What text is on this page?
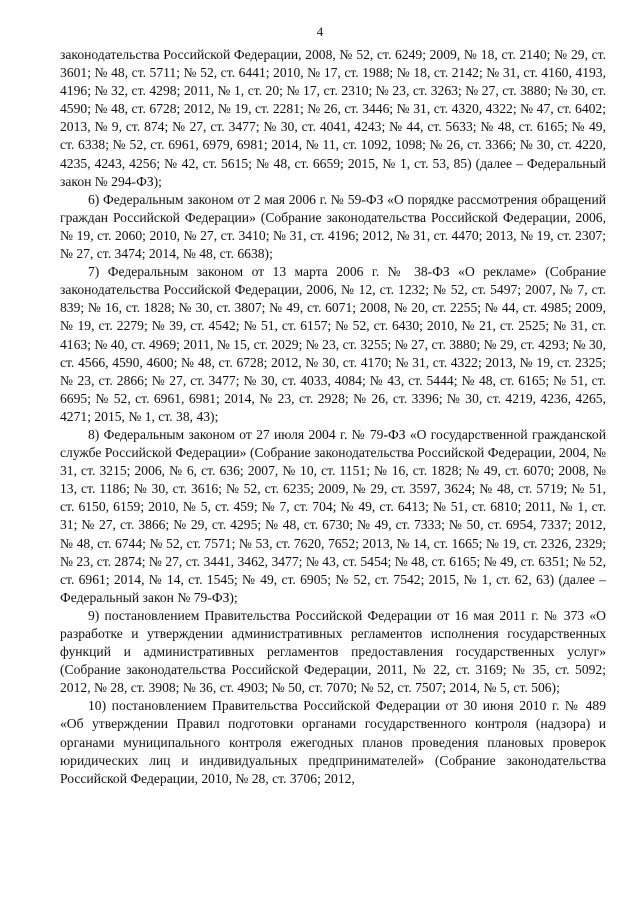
4

законодательства Российской Федерации, 2008, № 52, ст. 6249; 2009, № 18, ст. 2140; № 29, ст. 3601; № 48, ст. 5711; № 52, ст. 6441; 2010, № 17, ст. 1988; № 18, ст. 2142; № 31, ст. 4160, 4193, 4196; № 32, ст. 4298; 2011, № 1, ст. 20; № 17, ст. 2310; № 23, ст. 3263; № 27, ст. 3880; № 30, ст. 4590; № 48, ст. 6728; 2012, № 19, ст. 2281; № 26, ст. 3446; № 31, ст. 4320, 4322; № 47, ст. 6402; 2013, № 9, ст. 874; № 27, ст. 3477; № 30, ст. 4041, 4243; № 44, ст. 5633; № 48, ст. 6165; № 49, ст. 6338; № 52, ст. 6961, 6979, 6981; 2014, № 11, ст. 1092, 1098; № 26, ст. 3366; № 30, ст. 4220, 4235, 4243, 4256; № 42, ст. 5615; № 48, ст. 6659; 2015, № 1, ст. 53, 85) (далее – Федеральный закон № 294-ФЗ);

6) Федеральным законом от 2 мая 2006 г. № 59-ФЗ «О порядке рассмотрения обращений граждан Российской Федерации» (Собрание законодательства Российской Федерации, 2006, № 19, ст. 2060; 2010, № 27, ст. 3410; № 31, ст. 4196; 2012, № 31, ст. 4470; 2013, № 19, ст. 2307; № 27, ст. 3474; 2014, № 48, ст. 6638);

7) Федеральным законом от 13 марта 2006 г. № 38-ФЗ «О рекламе» (Собрание законодательства Российской Федерации, 2006, № 12, ст. 1232; № 52, ст. 5497; 2007, № 7, ст. 839; № 16, ст. 1828; № 30, ст. 3807; № 49, ст. 6071; 2008, № 20, ст. 2255; № 44, ст. 4985; 2009, № 19, ст. 2279; № 39, ст. 4542; № 51, ст. 6157; № 52, ст. 6430; 2010, № 21, ст. 2525; № 31, ст. 4163; № 40, ст. 4969; 2011, № 15, ст. 2029; № 23, ст. 3255; № 27, ст. 3880; № 29, ст. 4293; № 30, ст. 4566, 4590, 4600; № 48, ст. 6728; 2012, № 30, ст. 4170; № 31, ст. 4322; 2013, № 19, ст. 2325; № 23, ст. 2866; № 27, ст. 3477; № 30, ст. 4033, 4084; № 43, ст. 5444; № 48, ст. 6165; № 51, ст. 6695; № 52, ст. 6961, 6981; 2014, № 23, ст. 2928; № 26, ст. 3396; № 30, ст. 4219, 4236, 4265, 4271; 2015, № 1, ст. 38, 43);

8) Федеральным законом от 27 июля 2004 г. № 79-ФЗ «О государственной гражданской службе Российской Федерации» (Собрание законодательства Российской Федерации, 2004, № 31, ст. 3215; 2006, № 6, ст. 636; 2007, № 10, ст. 1151; № 16, ст. 1828; № 49, ст. 6070; 2008, № 13, ст. 1186; № 30, ст. 3616; № 52, ст. 6235; 2009, № 29, ст. 3597, 3624; № 48, ст. 5719; № 51, ст. 6150, 6159; 2010, № 5, ст. 459; № 7, ст. 704; № 49, ст. 6413; № 51, ст. 6810; 2011, № 1, ст. 31; № 27, ст. 3866; № 29, ст. 4295; № 48, ст. 6730; № 49, ст. 7333; № 50, ст. 6954, 7337; 2012, № 48, ст. 6744; № 52, ст. 7571; № 53, ст. 7620, 7652; 2013, № 14, ст. 1665; № 19, ст. 2326, 2329; № 23, ст. 2874; № 27, ст. 3441, 3462, 3477; № 43, ст. 5454; № 48, ст. 6165; № 49, ст. 6351; № 52, ст. 6961; 2014, № 14, ст. 1545; № 49, ст. 6905; № 52, ст. 7542; 2015, № 1, ст. 62, 63) (далее – Федеральный закон № 79-ФЗ);

9) постановлением Правительства Российской Федерации от 16 мая 2011 г. № 373 «О разработке и утверждении административных регламентов исполнения государственных функций и административных регламентов предоставления государственных услуг» (Собрание законодательства Российской Федерации, 2011, № 22, ст. 3169; № 35, ст. 5092; 2012, № 28, ст. 3908; № 36, ст. 4903; № 50, ст. 7070; № 52, ст. 7507; 2014, № 5, ст. 506);

10) постановлением Правительства Российской Федерации от 30 июня 2010 г. № 489 «Об утверждении Правил подготовки органами государственного контроля (надзора) и органами муниципального контроля ежегодных планов проведения плановых проверок юридических лиц и индивидуальных предпринимателей» (Собрание законодательства Российской Федерации, 2010, № 28, ст. 3706; 2012,
